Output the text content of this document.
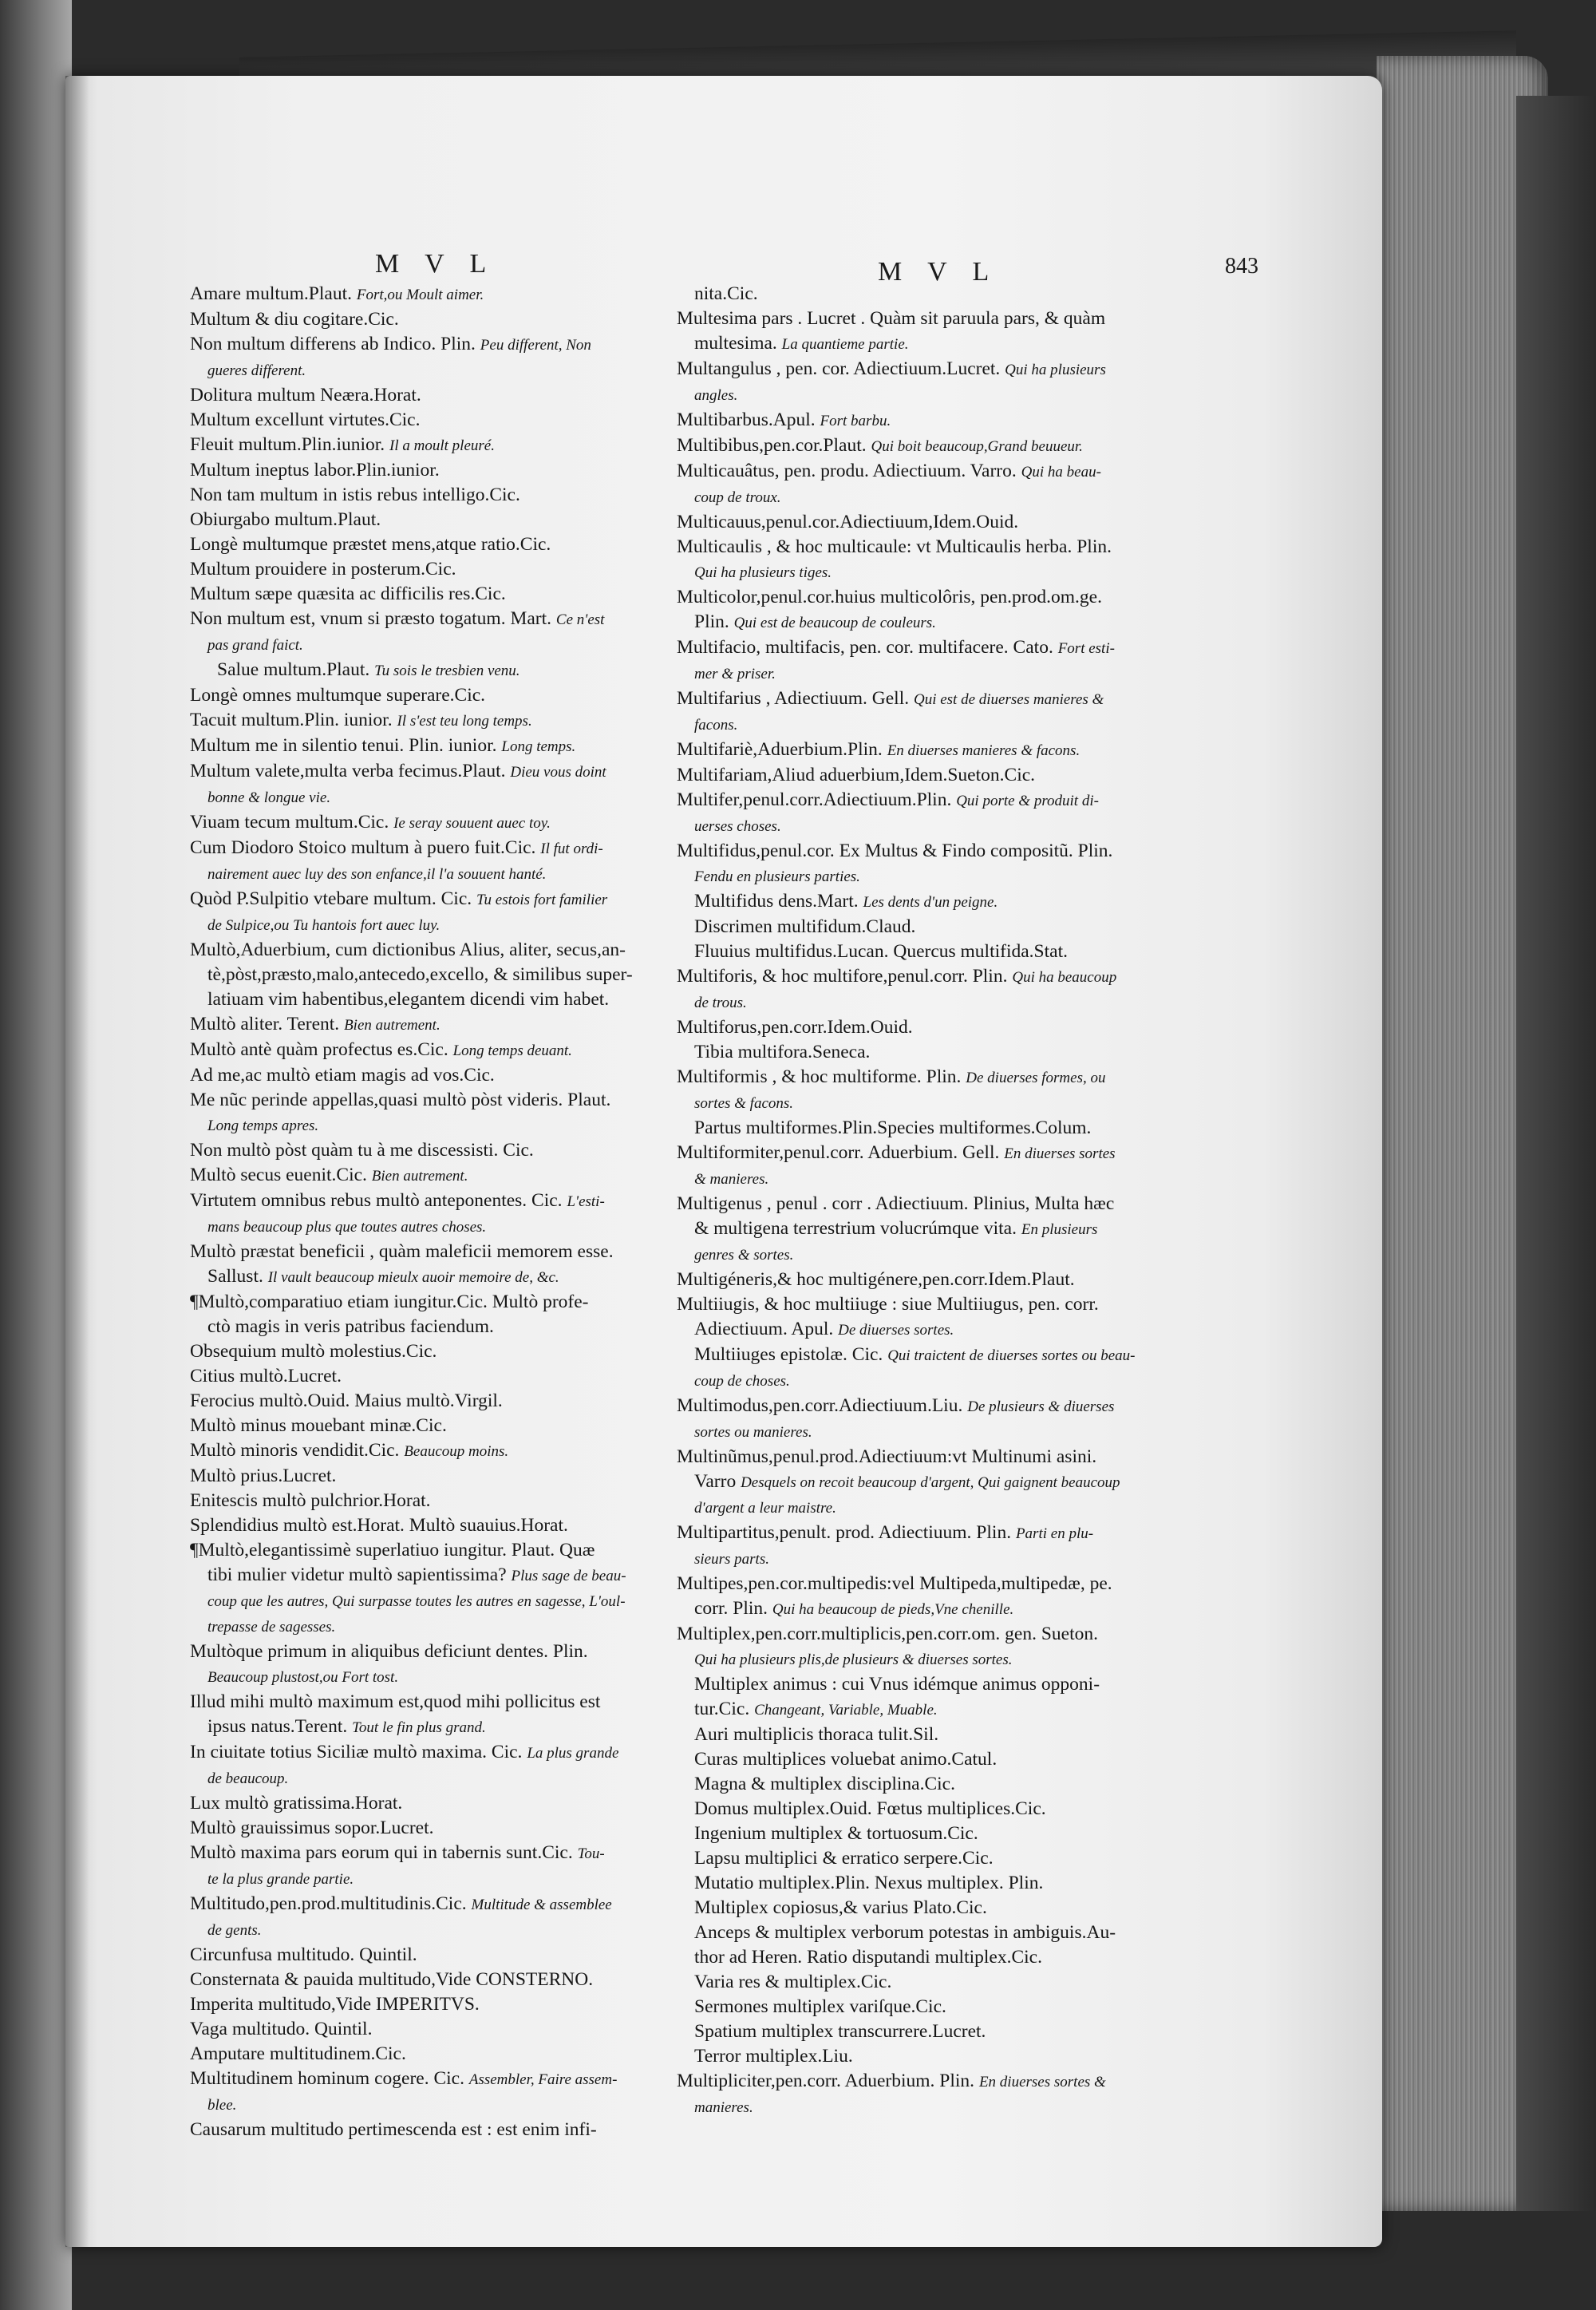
M V L	M V L	843
Amare multum.Plaut. Fort,ou Moult aimer.
Multum & diu cogitare.Cic.
Non multum differens ab Indico. Plin. Peu different, Non
gueres different.
Dolitura multum Neæra.Horat.
Multum excellunt virtutes.Cic.
Fleuit multum.Plin.iunior. Il a moult pleuré.
Multum ineptus labor.Plin.iunior.
Non tam multum in istis rebus intelligo.Cic.
Obiurgabo multum.Plaut.
Longè multumque præstet mens,atque ratio.Cic.
Multum prouidere in posterum.Cic.
Multum sæpe quæsita ac difficilis res.Cic.
Non multum est, vnum si præsto togatum. Mart. Ce n'est
pas grand faict.
Salue multum.Plaut. Tu sois le tresbien venu.
Longè omnes multumque superare.Cic.
Tacuit multum.Plin. iunior. Il s'est teu long temps.
Multum me in silentio tenui. Plin. iunior. Long temps.
Multum valete,multa verba fecimus.Plaut. Dieu vous doint
bonne & longue vie.
Viuam tecum multum.Cic. Ie seray souuent auec toy.
Cum Diodoro Stoico multum à puero fuit.Cic. Il fut ordi-
nairement auec luy des son enfance,il l'a souuent hanté.
Quòd P.Sulpitio vtebare multum. Cic. Tu estois fort familier
de Sulpice,ou Tu hantois fort auec luy.
Multò,Aduerbium, cum dictionibus Alius, aliter, secus,an-
tè,pòst,præsto,malo,antecedo,excello, & similibus super-
latiuam vim habentibus,elegantem dicendi vim habet.
Multò aliter. Terent. Bien autrement.
Multò antè quàm profectus es.Cic. Long temps deuant.
Ad me,ac multò etiam magis ad vos.Cic.
Me nũc perinde appellas,quasi multò pòst videris. Plaut.
Long temps apres.
Non multò pòst quàm tu à me discessisti. Cic.
Multò secus euenit.Cic. Bien autrement.
Virtutem omnibus rebus multò anteponentes. Cic. L'esti-
mans beaucoup plus que toutes autres choses.
Multò præstat beneficii , quàm maleficii memorem esse.
Sallust. Il vault beaucoup mieulx auoir memoire de, &c.
¶Multò,comparatiuo etiam iungitur.Cic. Multò profe-
ctò magis in veris patribus faciendum.
Obsequium multò molestius.Cic.
Citius multò.Lucret.
Ferocius multò.Ouid. Maius multò.Virgil.
Multò minus mouebant minæ.Cic.
Multò minoris vendidit.Cic. Beaucoup moins.
Multò prius.Lucret.
Enitescis multò pulchrior.Horat.
Splendidius multò est.Horat. Multò suauius.Horat.
¶Multò,elegantissimè superlatiuo iungitur. Plaut. Quæ
tibi mulier videtur multò sapientissima? Plus sage de beau-
coup que les autres, Qui surpasse toutes les autres en sagesse, L'oul-
trepasse de sagesses.
Multòque primum in aliquibus deficiunt dentes. Plin.
Beaucoup plustost,ou Fort tost.
Illud mihi multò maximum est,quod mihi pollicitus est
ipsus natus.Terent. Tout le fin plus grand.
In ciuitate totius Siciliæ multò maxima. Cic. La plus grande
de beaucoup.
Lux multò gratissima.Horat.
Multò grauissimus sopor.Lucret.
Multò maxima pars eorum qui in tabernis sunt.Cic. Tou-
te la plus grande partie.
Multitudo,pen.prod.multitudinis.Cic. Multitude & assemblee
de gents.
Circunfusa multitudo. Quintil.
Consternata & pauida multitudo,Vide CONSTERNO.
Imperita multitudo,Vide IMPERITVS.
Vaga multitudo. Quintil.
Amputare multitudinem.Cic.
Multitudinem hominum cogere. Cic. Assembler, Faire assem-
blee.
Causarum multitudo pertimescenda est : est enim infi-
nita.Cic.
Multesima pars . Lucret . Quàm sit paruula pars, & quàm
multesima. La quantieme partie.
Multangulus , pen. cor. Adiectiuum.Lucret. Qui ha plusieurs
angles.
Multibarbus.Apul. Fort barbu.
Multibibus,pen.cor.Plaut. Qui boit beaucoup,Grand beuueur.
Multicauâtus, pen. produ. Adiectiuum. Varro. Qui ha beau-
coup de troux.
Multicauus,penul.cor.Adiectiuum,Idem.Ouid.
Multicaulis , & hoc multicaule: vt Multicaulis herba. Plin.
Qui ha plusieurs tiges.
Multicolor,penul.cor.huius multicolôris, pen.prod.om.ge.
Plin. Qui est de beaucoup de couleurs.
Multifacio, multifacis, pen. cor. multifacere. Cato. Fort esti-
mer & priser.
Multifarius , Adiectiuum. Gell. Qui est de diuerses manieres &
facons.
Multifariè,Aduerbium.Plin. En diuerses manieres & facons.
Multifariam,Aliud aduerbium,Idem.Sueton.Cic.
Multifer,penul.corr.Adiectiuum.Plin. Qui porte & produit di-
uerses choses.
Multifidus,penul.cor. Ex Multus & Findo compositũ. Plin.
Fendu en plusieurs parties.
Multifidus dens.Mart. Les dents d'un peigne.
Discrimen multifidum.Claud.
Fluuius multifidus.Lucan. Quercus multifida.Stat.
Multiforis, & hoc multifore,penul.corr. Plin. Qui ha beaucoup
de trous.
Multiforus,pen.corr.Idem.Ouid.
Tibia multifora.Seneca.
Multiformis , & hoc multiforme. Plin. De diuerses formes, ou
sortes & facons.
Partus multiformes.Plin.Species multiformes.Colum.
Multiformiter,penul.corr. Aduerbium. Gell. En diuerses sortes
& manieres.
Multigenus , penul . corr . Adiectiuum. Plinius, Multa hæc
& multigena terrestrium volucrúmque vita. En plusieurs
genres & sortes.
Multigéneris,& hoc multigénere,pen.corr.Idem.Plaut.
Multiiugis, & hoc multiiuge : siue Multiiugus, pen. corr.
Adiectiuum. Apul. De diuerses sortes.
Multiiuges epistolæ. Cic. Qui traictent de diuerses sortes ou beau-
coup de choses.
Multimodus,pen.corr.Adiectiuum.Liu. De plusieurs & diuerses
sortes ou manieres.
Multinũmus,penul.prod.Adiectiuum:vt Multinumi asini.
Varro Desquels on recoit beaucoup d'argent, Qui gaignent beaucoup
d'argent a leur maistre.
Multipartitus,penult. prod. Adiectiuum. Plin. Parti en plu-
sieurs parts.
Multipes,pen.cor.multipedis:vel Multipeda,multipedæ, pe.
corr. Plin. Qui ha beaucoup de pieds,Vne chenille.
Multiplex,pen.corr.multiplicis,pen.corr.om. gen. Sueton.
Qui ha plusieurs plis,de plusieurs & diuerses sortes.
Multiplex animus : cui Vnus idémque animus opponi-
tur.Cic. Changeant, Variable, Muable.
Auri multiplicis thoraca tulit.Sil.
Curas multiplices voluebat animo.Catul.
Magna & multiplex disciplina.Cic.
Domus multiplex.Ouid. Fœtus multiplices.Cic.
Ingenium multiplex & tortuosum.Cic.
Lapsu multiplici & erratico serpere.Cic.
Mutatio multiplex.Plin. Nexus multiplex. Plin.
Multiplex copiosus,& varius Plato.Cic.
Anceps & multiplex verborum potestas in ambiguis.Au-
thor ad Heren. Ratio disputandi multiplex.Cic.
Varia res & multiplex.Cic.
Sermones multiplex variſque.Cic.
Spatium multiplex transcurrere.Lucret.
Terror multiplex.Liu.
Multipliciter,pen.corr. Aduerbium. Plin. En diuerses sortes &
manieres.
